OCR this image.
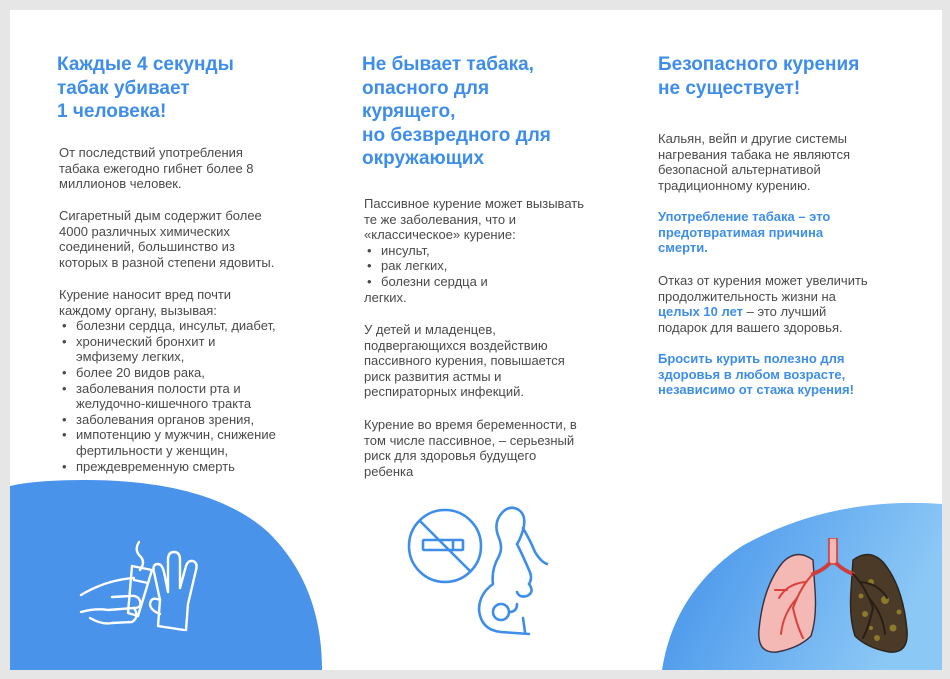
Каждые 4 секунды
табак убивает
1 человека!

От последствий употребления
табака ежегодно гибнет более 8
миллионов человек.

Сигаретный дым содержит более
4000 различных химических
соединений, большинство из
которых в разной степени ядовиты.

Курение наносит вред почти
каждому органу, вызывая:
• болезни сердца, инсульт, диабет,
• хронический бронхит и
эмфизему легких,
• более 20 видов рака,
• заболевания полости рта и
желудочно-кишечного тракта
• заболевания органов зрения,
• импотенцию у мужчин, снижение
фертильности у женщин,
• преждевременную смерть
Не бывает табака,
опасного для
курящего,
но безвредного для
окружающих
Пассивное курение может вызывать
те же заболевания, что и
«классическое» курение:
• инсульт,
• рак легких,
• болезни сердца и
легких.

У детей и младенцев,
подвергающихся воздействию
пассивного курения, повышается
риск развития астмы и
респираторных инфекций.

Курение во время беременности, в
том числе пассивное, – серьезный
риск для здоровья будущего
ребенка

Безопасного курения
не существует!

Кальян, вейп и другие системы
нагревания табака не являются
безопасной альтернативой
традиционному курению.

Употребление табака – это
предотвратимая причина
смерти.

Отказ от курения может увеличить
продолжительность жизни на
целых 10 лет – это лучший
подарок для вашего здоровья.

Бросить курить полезно для
здоровья в любом возрасте,
независимо от стажа курения!
